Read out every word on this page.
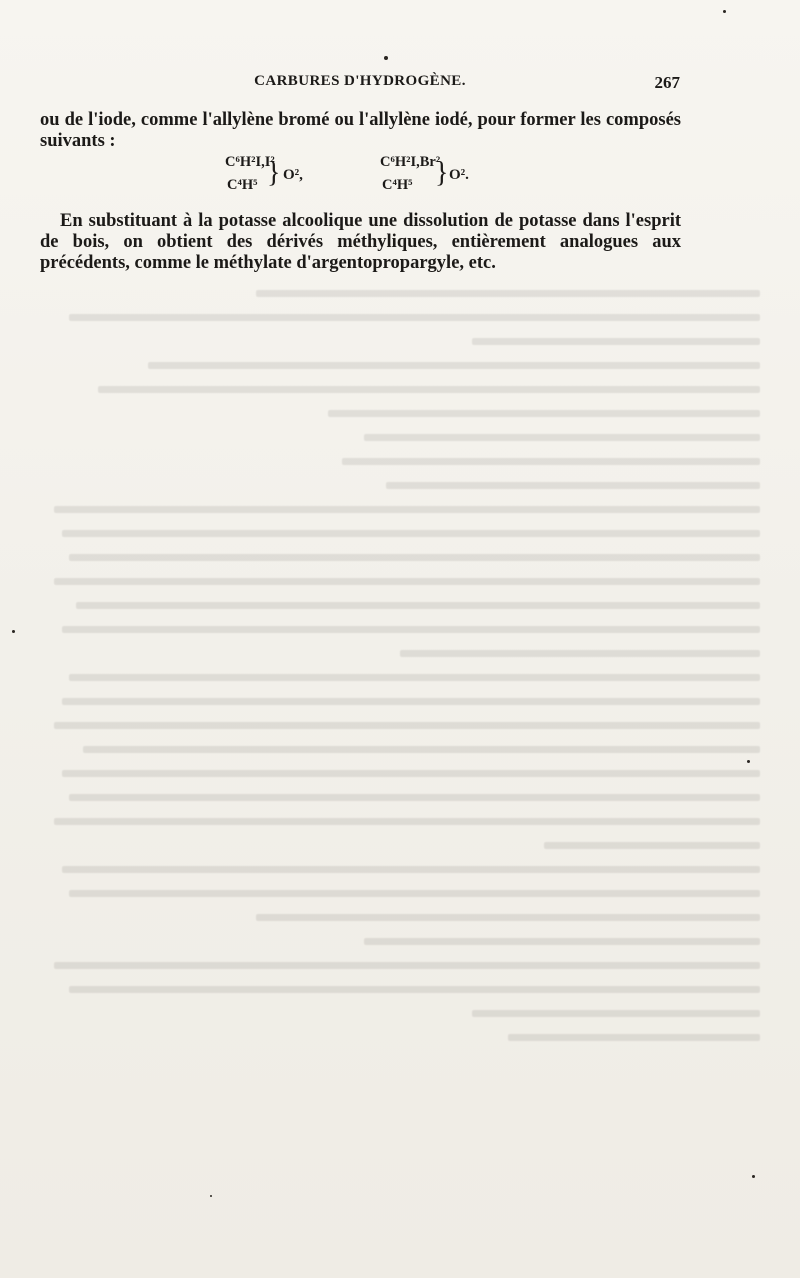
CARBURES D'HYDROGÈNE.	267
ou de l'iode, comme l'allylène bromé ou l'allylène iodé, pour former les composés
suivants :
C⁶H²I,I²
C⁴H⁵ } O²,
C⁶H²I,Br²
C⁴H⁵ } O².
En substituant à la potasse alcoolique une dissolution de potasse dans l'esprit de bois, on obtient des dérivés méthyliques, entièrement analogues aux précédents, comme le méthylate d'argentopropargyle, etc.
